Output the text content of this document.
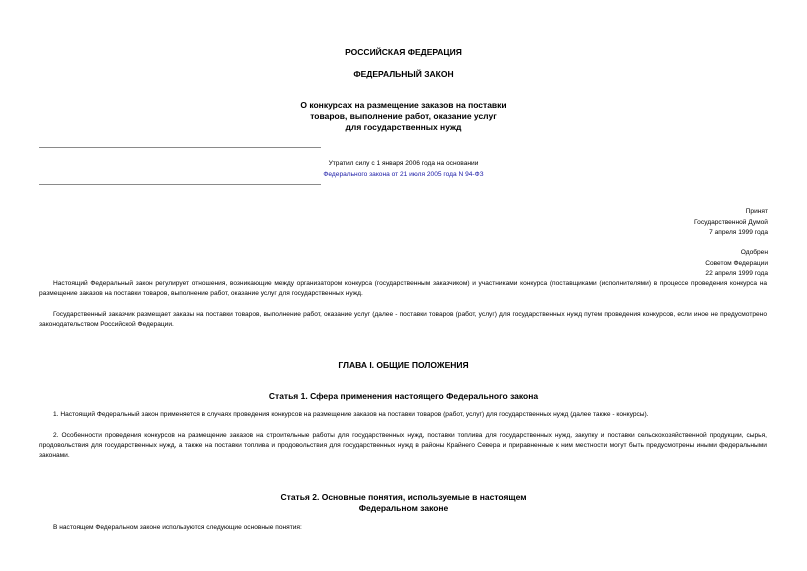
РОССИЙСКАЯ ФЕДЕРАЦИЯ
ФЕДЕРАЛЬНЫЙ ЗАКОН
О конкурсах на размещение заказов на поставки
товаров, выполнение работ, оказание услуг
для государственных нужд
Утратил силу с 1 января 2006 года на основании
Федерального закона от 21 июля 2005 года N 94-ФЗ
Принят
Государственной Думой
7 апреля 1999 года
Одобрен
Советом Федерации
22 апреля 1999 года
Настоящий Федеральный закон регулирует отношения, возникающие между организатором конкурса (государственным заказчиком) и участниками конкурса (поставщиками (исполнителями) в процессе проведения конкурса на размещение заказов на поставки товаров, выполнение работ, оказание услуг для государственных нужд.
Государственный заказчик размещает заказы на поставки товаров, выполнение работ, оказание услуг (далее - поставки товаров (работ, услуг) для государственных нужд путем проведения конкурсов, если иное не предусмотрено законодательством Российской Федерации.
ГЛАВА I. ОБЩИЕ ПОЛОЖЕНИЯ
Статья 1. Сфера применения настоящего Федерального закона
1. Настоящий Федеральный закон применяется в случаях проведения конкурсов на размещение заказов на поставки товаров (работ, услуг) для государственных нужд (далее также - конкурсы).
2. Особенности проведения конкурсов на размещение заказов на строительные работы для государственных нужд, поставки топлива для государственных нужд, закупку и поставки сельскохозяйственной продукции, сырья, продовольствия для государственных нужд, а также на поставки топлива и продовольствия для государственных нужд в районы Крайнего Севера и приравненные к ним местности могут быть предусмотрены иными федеральными законами.
Статья 2. Основные понятия, используемые в настоящем
Федеральном законе
В настоящем Федеральном законе используются следующие основные понятия:
